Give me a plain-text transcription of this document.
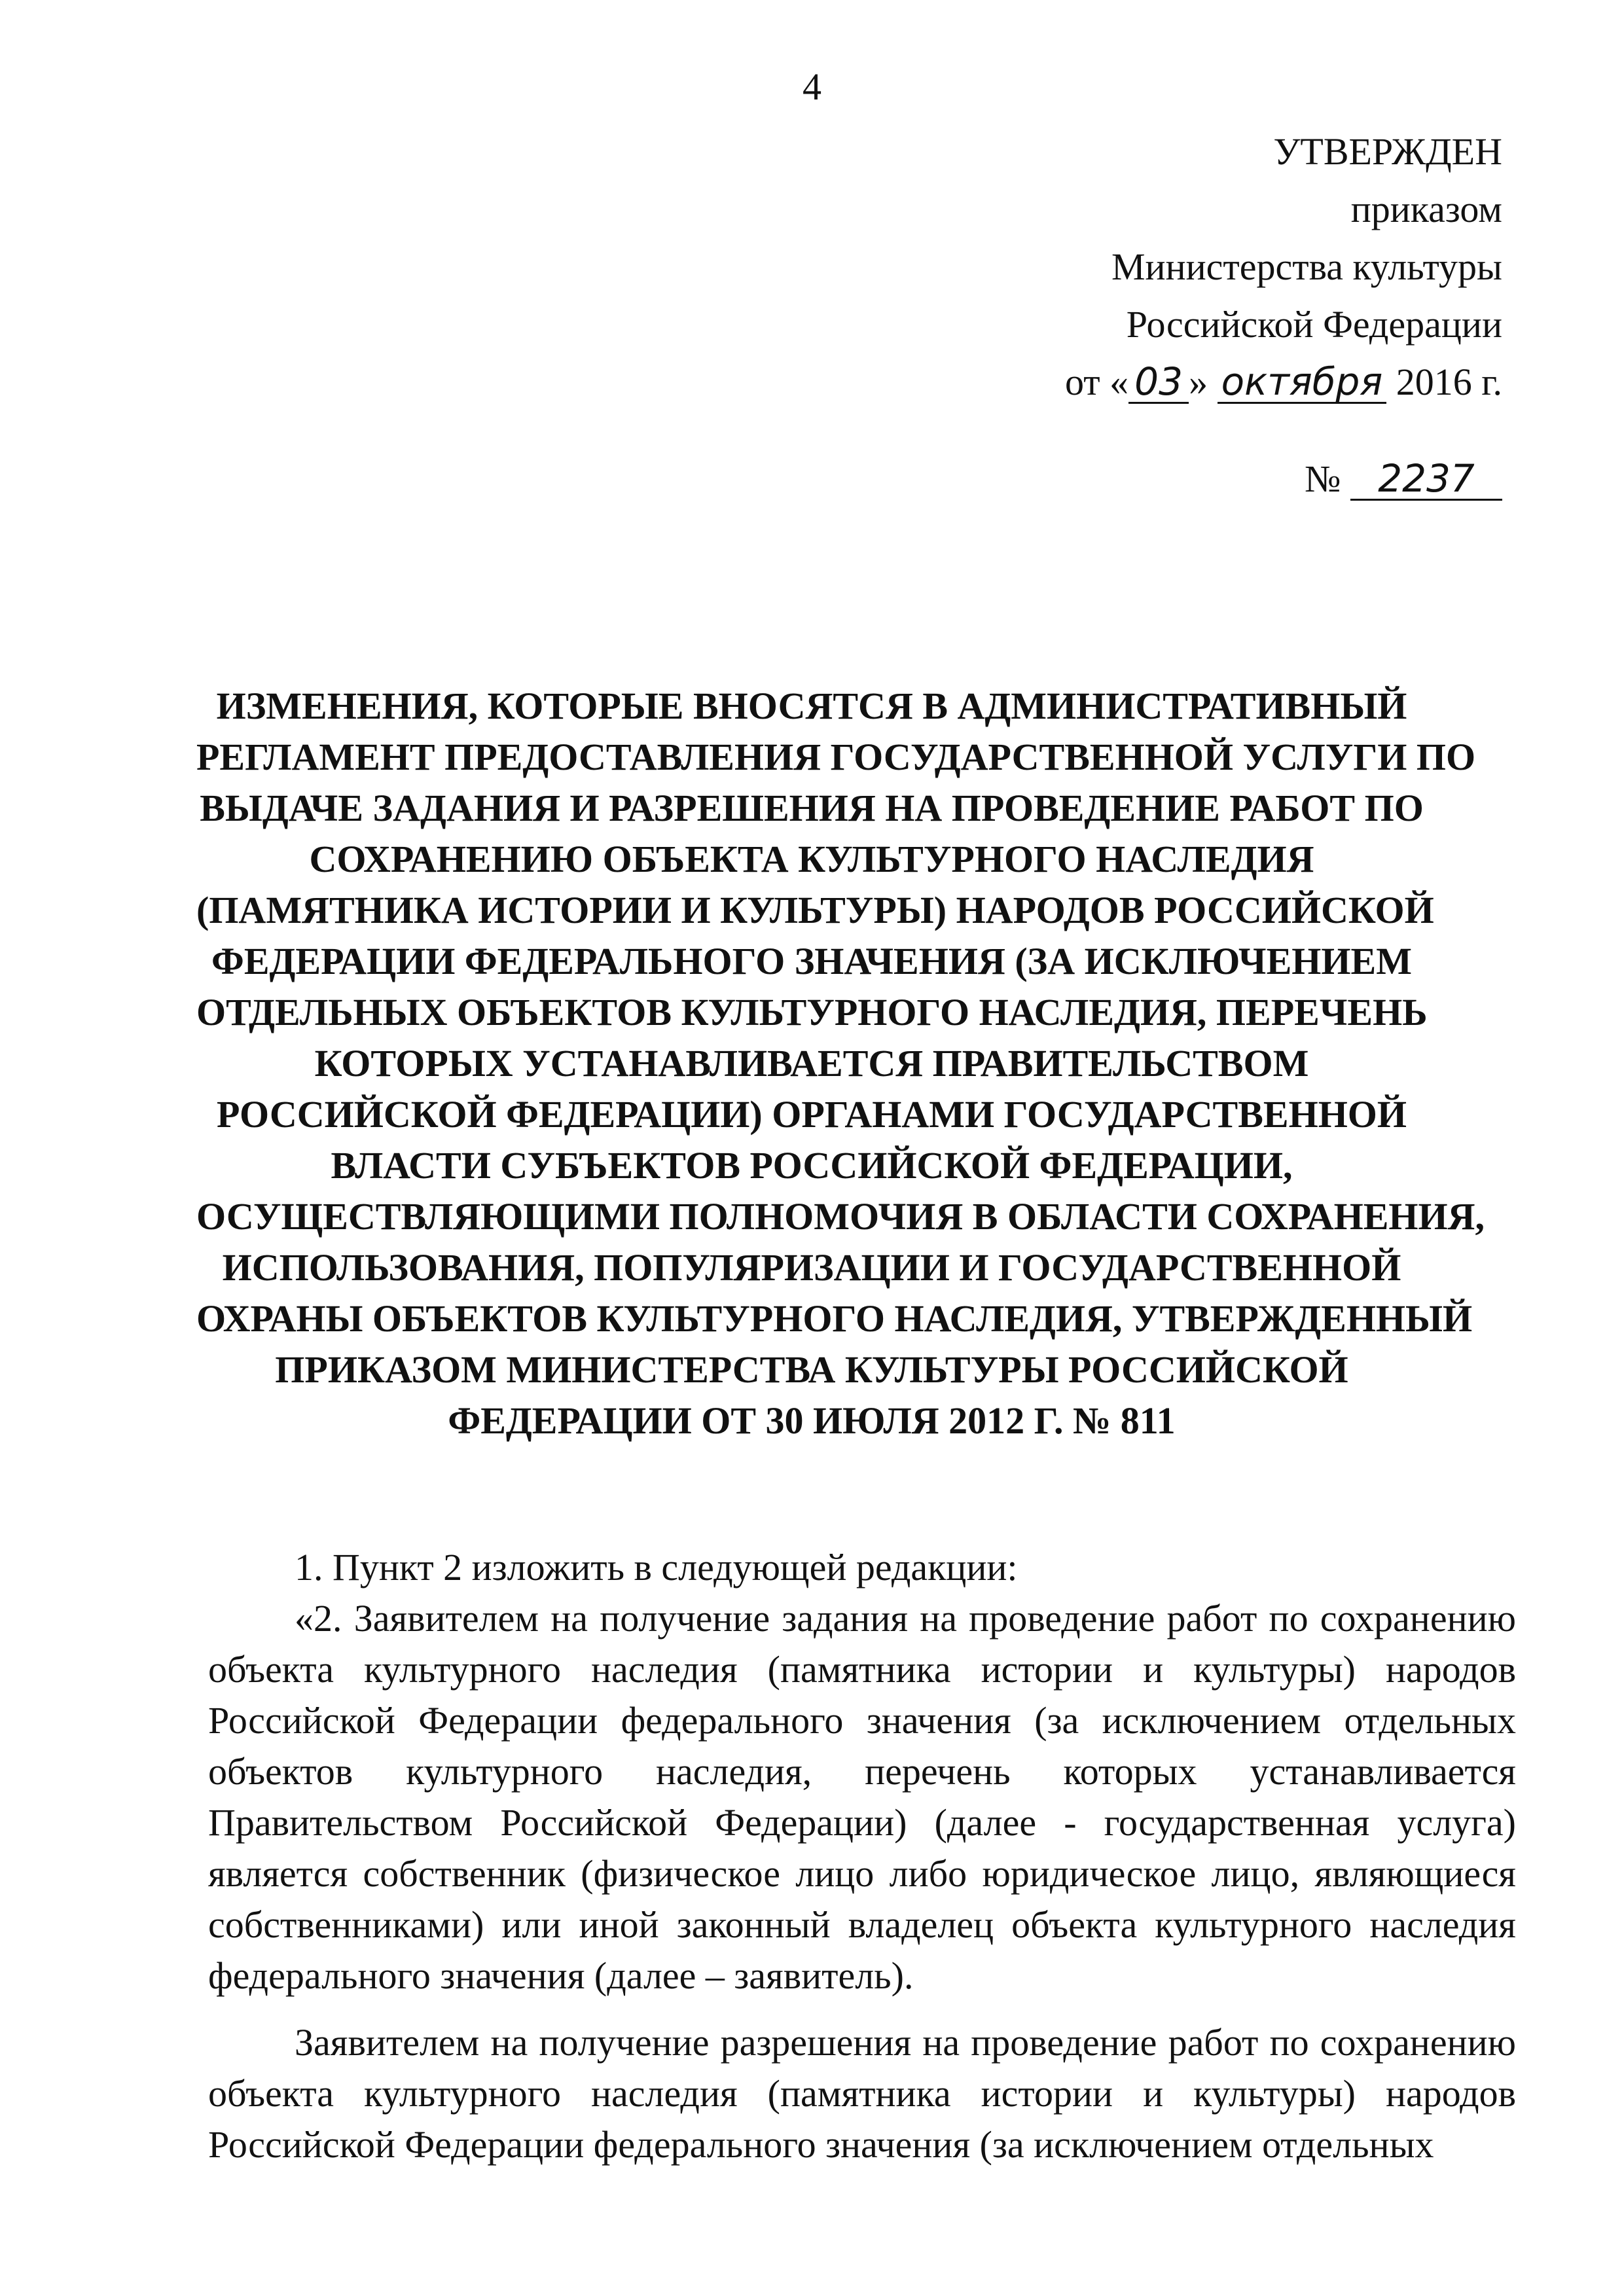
4
УТВЕРЖДЕН
приказом
Министерства культуры
Российской Федерации
от « 03 » октября 2016 г.
№ 2237
ИЗМЕНЕНИЯ, КОТОРЫЕ ВНОСЯТСЯ В АДМИНИСТРАТИВНЫЙ
РЕГЛАМЕНТ ПРЕДОСТАВЛЕНИЯ ГОСУДАРСТВЕННОЙ УСЛУГИ ПО
ВЫДАЧЕ ЗАДАНИЯ И РАЗРЕШЕНИЯ НА ПРОВЕДЕНИЕ РАБОТ ПО
СОХРАНЕНИЮ ОБЪЕКТА КУЛЬТУРНОГО НАСЛЕДИЯ
(ПАМЯТНИКА ИСТОРИИ И КУЛЬТУРЫ) НАРОДОВ РОССИЙСКОЙ
ФЕДЕРАЦИИ ФЕДЕРАЛЬНОГО ЗНАЧЕНИЯ (ЗА ИСКЛЮЧЕНИЕМ
ОТДЕЛЬНЫХ ОБЪЕКТОВ КУЛЬТУРНОГО НАСЛЕДИЯ, ПЕРЕЧЕНЬ
КОТОРЫХ УСТАНАВЛИВАЕТСЯ ПРАВИТЕЛЬСТВОМ
РОССИЙСКОЙ ФЕДЕРАЦИИ) ОРГАНАМИ ГОСУДАРСТВЕННОЙ
ВЛАСТИ СУБЪЕКТОВ РОССИЙСКОЙ ФЕДЕРАЦИИ,
ОСУЩЕСТВЛЯЮЩИМИ ПОЛНОМОЧИЯ В ОБЛАСТИ СОХРАНЕНИЯ,
ИСПОЛЬЗОВАНИЯ, ПОПУЛЯРИЗАЦИИ И ГОСУДАРСТВЕННОЙ
ОХРАНЫ ОБЪЕКТОВ КУЛЬТУРНОГО НАСЛЕДИЯ, УТВЕРЖДЕННЫЙ
ПРИКАЗОМ МИНИСТЕРСТВА КУЛЬТУРЫ РОССИЙСКОЙ
ФЕДЕРАЦИИ ОТ 30 ИЮЛЯ 2012 Г. № 811

1. Пункт 2 изложить в следующей редакции:

«2. Заявителем на получение задания на проведение работ по сохранению объекта культурного наследия (памятника истории и культуры) народов Российской Федерации федерального значения (за исключением отдельных объектов культурного наследия, перечень которых устанавливается Правительством Российской Федерации) (далее - государственная услуга) является собственник (физическое лицо либо юридическое лицо, являющиеся собственниками) или иной законный владелец объекта культурного наследия федерального значения (далее – заявитель).

Заявителем на получение разрешения на проведение работ по сохранению объекта культурного наследия (памятника истории и культуры) народов Российской Федерации федерального значения (за исключением отдельных
